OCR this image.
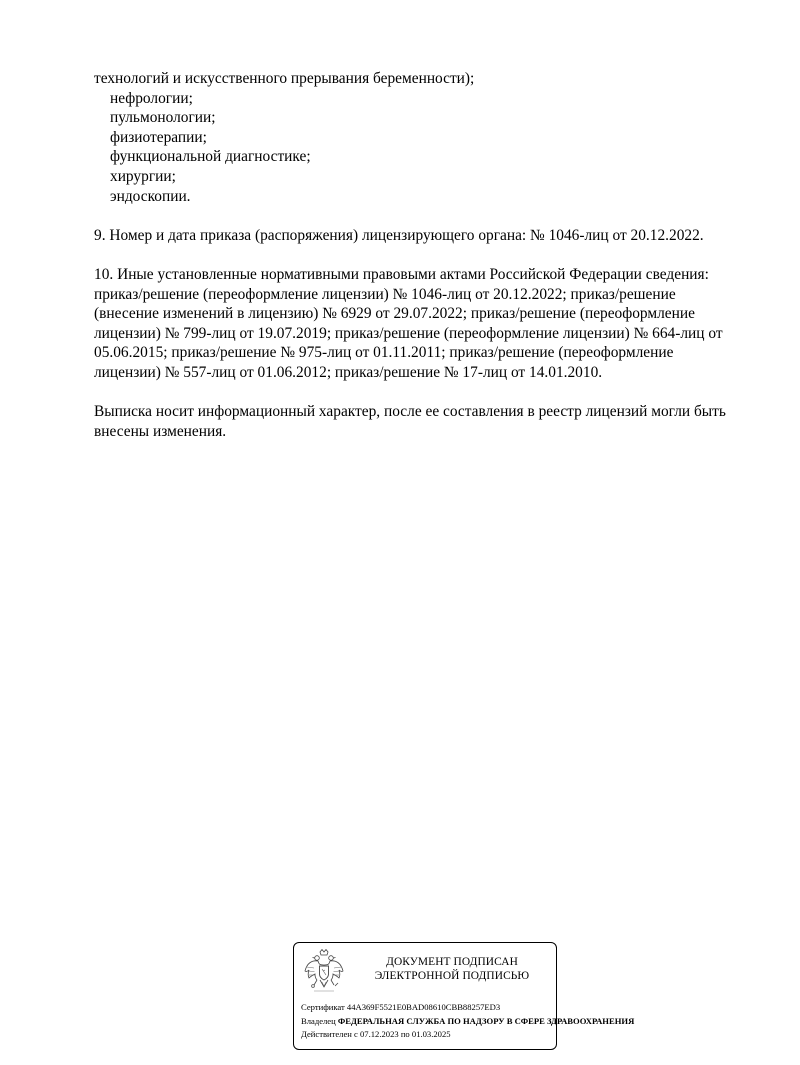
технологий и искусственного прерывания беременности);
нефрологии;
пульмонологии;
физиотерапии;
функциональной диагностике;
хирургии;
эндоскопии.
9. Номер и дата приказа (распоряжения) лицензирующего органа: № 1046-лиц от 20.12.2022.
10. Иные установленные нормативными правовыми актами Российской Федерации сведения:
приказ/решение (переоформление лицензии) № 1046-лиц от 20.12.2022; приказ/решение
(внесение изменений в лицензию) № 6929 от 29.07.2022; приказ/решение (переоформление
лицензии) № 799-лиц от 19.07.2019; приказ/решение (переоформление лицензии) № 664-лиц от
05.06.2015; приказ/решение № 975-лиц от 01.11.2011; приказ/решение (переоформление
лицензии) № 557-лиц от 01.06.2012; приказ/решение № 17-лиц от 14.01.2010.
Выписка носит информационный характер, после ее составления в реестр лицензий могли быть
внесены изменения.
ДОКУМЕНТ ПОДПИСАН
ЭЛЕКТРОННОЙ ПОДПИСЬЮ
Сертификат 44A369F5521E0BAD08610CBB88257ED3
Владелец ФЕДЕРАЛЬНАЯ СЛУЖБА ПО НАДЗОРУ В СФЕРЕ ЗДРАВООХРАНЕНИЯ
Действителен с 07.12.2023 по 01.03.2025
